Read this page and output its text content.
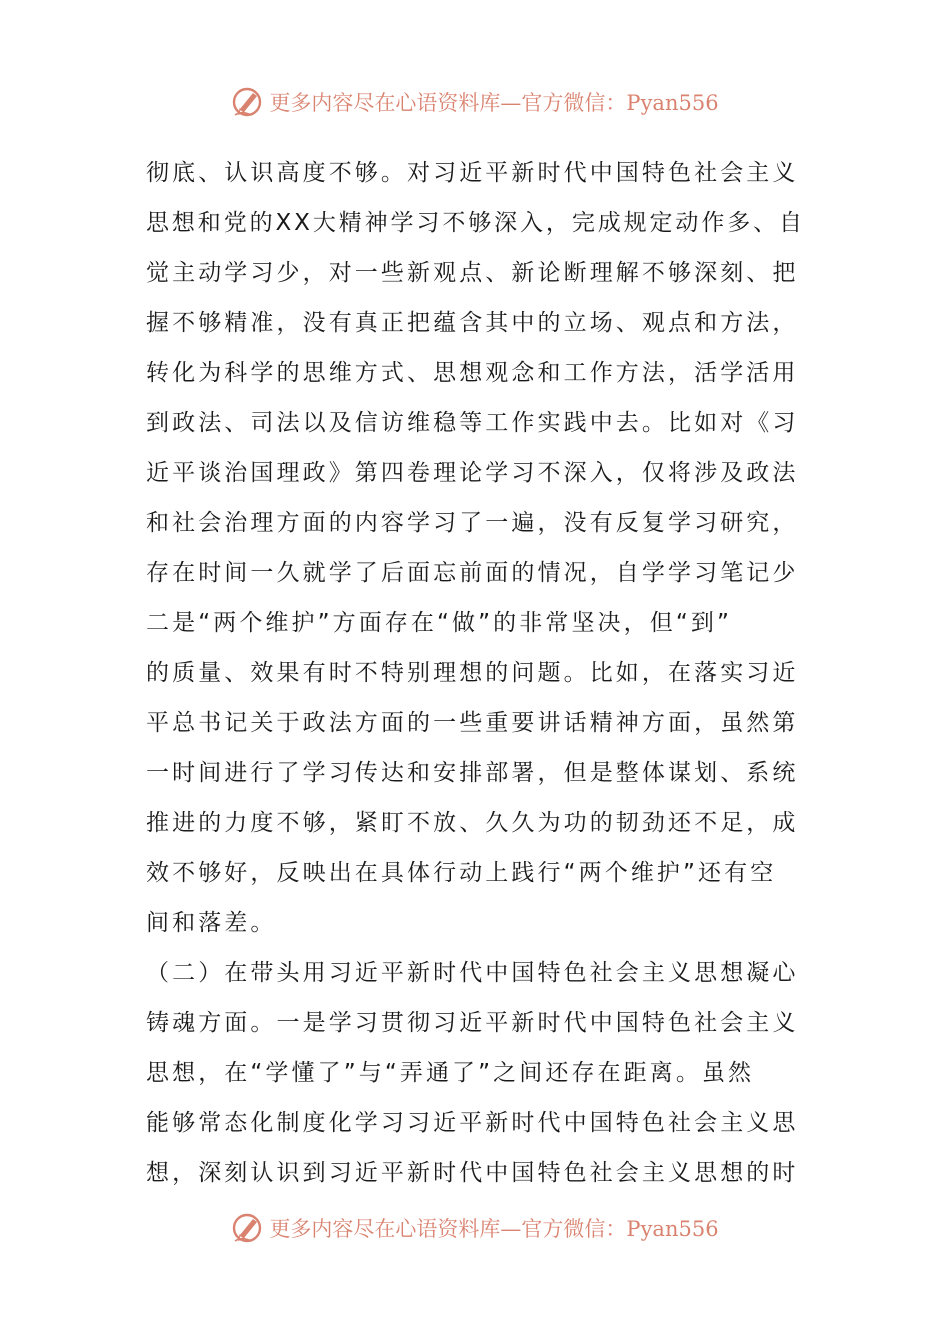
更多内容尽在心语资料库—官方微信：Pyan556
彻底、认识高度不够。对习近平新时代中国特色社会主义
思想和党的XX大精神学习不够深入，完成规定动作多、自
觉主动学习少，对一些新观点、新论断理解不够深刻、把
握不够精准，没有真正把蕴含其中的立场、观点和方法，
转化为科学的思维方式、思想观念和工作方法，活学活用
到政法、司法以及信访维稳等工作实践中去。比如对《习
近平谈治国理政》第四卷理论学习不深入，仅将涉及政法
和社会治理方面的内容学习了一遍，没有反复学习研究，
存在时间一久就学了后面忘前面的情况，自学学习笔记少
二是“两个维护”方面存在“做”的非常坚决，但“到”
的质量、效果有时不特别理想的问题。比如，在落实习近
平总书记关于政法方面的一些重要讲话精神方面，虽然第
一时间进行了学习传达和安排部署，但是整体谋划、系统
推进的力度不够，紧盯不放、久久为功的韧劲还不足，成
效不够好，反映出在具体行动上践行“两个维护”还有空
间和落差。
（二）在带头用习近平新时代中国特色社会主义思想凝心
铸魂方面。一是学习贯彻习近平新时代中国特色社会主义
思想，在“学懂了”与“弄通了”之间还存在距离。虽然
能够常态化制度化学习习近平新时代中国特色社会主义思
想，深刻认识到习近平新时代中国特色社会主义思想的时
更多内容尽在心语资料库—官方微信：Pyan556
